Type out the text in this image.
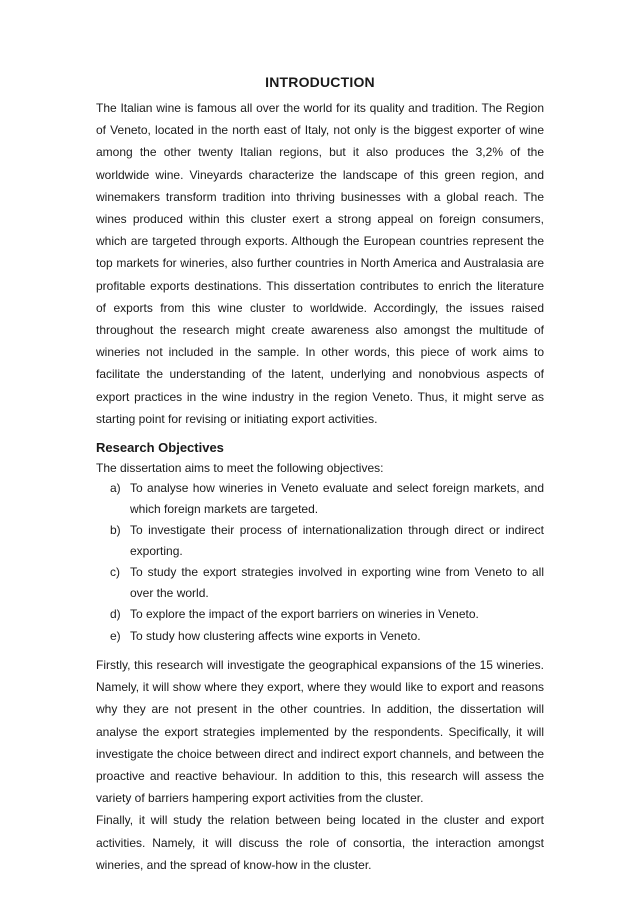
INTRODUCTION

The Italian wine is famous all over the world for its quality and tradition. The Region of Veneto, located in the north east of Italy, not only is the biggest exporter of wine among the other twenty Italian regions, but it also produces the 3,2% of the worldwide wine. Vineyards characterize the landscape of this green region, and winemakers transform tradition into thriving businesses with a global reach. The wines produced within this cluster exert a strong appeal on foreign consumers, which are targeted through exports. Although the European countries represent the top markets for wineries, also further countries in North America and Australasia are profitable exports destinations. This dissertation contributes to enrich the literature of exports from this wine cluster to worldwide. Accordingly, the issues raised throughout the research might create awareness also amongst the multitude of wineries not included in the sample. In other words, this piece of work aims to facilitate the understanding of the latent, underlying and nonobvious aspects of export practices in the wine industry in the region Veneto. Thus, it might serve as starting point for revising or initiating export activities.

Research Objectives

The dissertation aims to meet the following objectives:

a) To analyse how wineries in Veneto evaluate and select foreign markets, and which foreign markets are targeted.
b) To investigate their process of internationalization through direct or indirect exporting.
c) To study the export strategies involved in exporting wine from Veneto to all over the world.
d) To explore the impact of the export barriers on wineries in Veneto.
e) To study how clustering affects wine exports in Veneto.

Firstly, this research will investigate the geographical expansions of the 15 wineries. Namely, it will show where they export, where they would like to export and reasons why they are not present in the other countries. In addition, the dissertation will analyse the export strategies implemented by the respondents. Specifically, it will investigate the choice between direct and indirect export channels, and between the proactive and reactive behaviour. In addition to this, this research will assess the variety of barriers hampering export activities from the cluster.

Finally, it will study the relation between being located in the cluster and export activities. Namely, it will discuss the role of consortia, the interaction amongst wineries, and the spread of know-how in the cluster.
